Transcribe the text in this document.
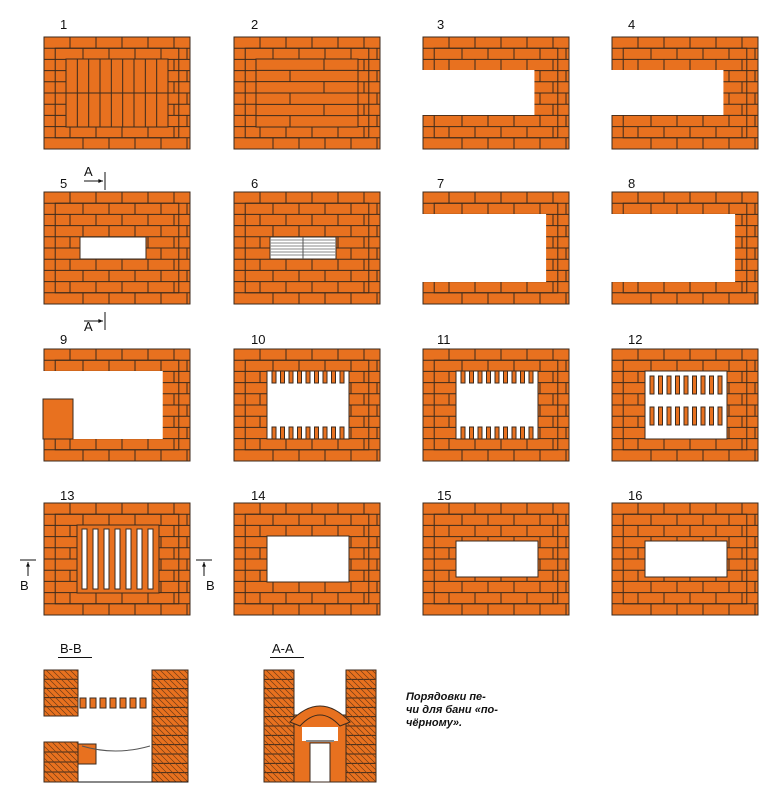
1	2	3	4
5	6	7	8
9	10	11	12
13	14	15	16
A
A
B	B
B-B	A-A
Порядовки пе-
чи для бани «по-
чёрному».
